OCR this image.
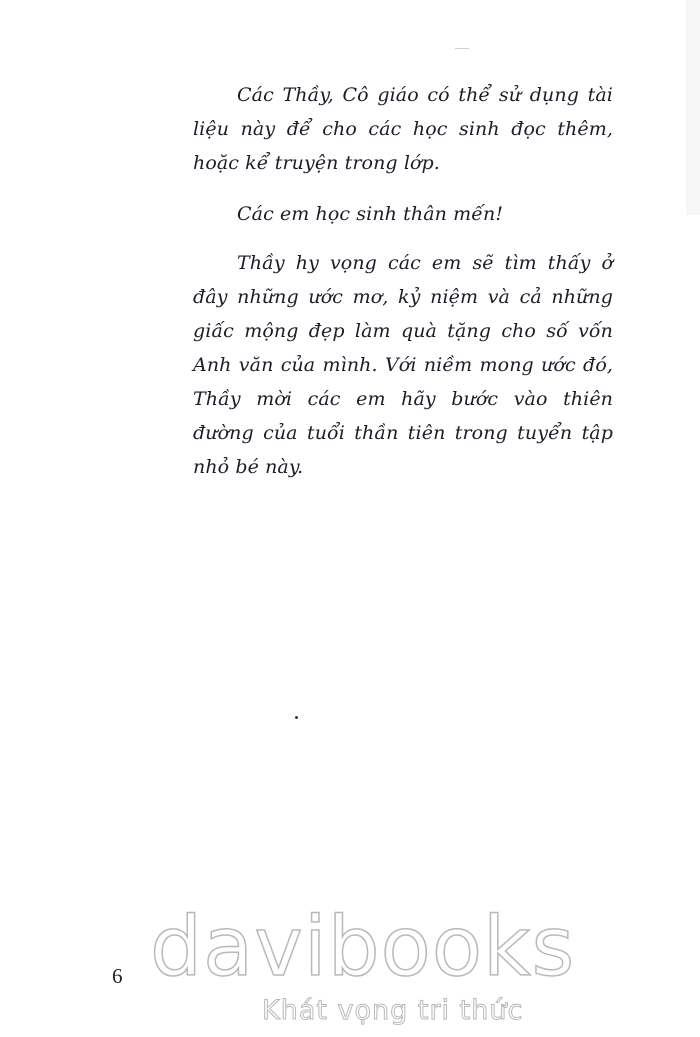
Các Thầy, Cô giáo có thể sử dụng tài liệu này để cho các học sinh đọc thêm, hoặc kể truyện trong lớp.

Các em học sinh thân mến!

Thầy hy vọng các em sẽ tìm thấy ở đây những ước mơ, kỷ niệm và cả những giấc mộng đẹp làm quà tặng cho số vốn Anh văn của mình. Với niềm mong ước đó, Thầy mời các em hãy bước vào thiên đường của tuổi thần tiên trong tuyển tập nhỏ bé này.

6 davibooks
Khát vọng tri thức
